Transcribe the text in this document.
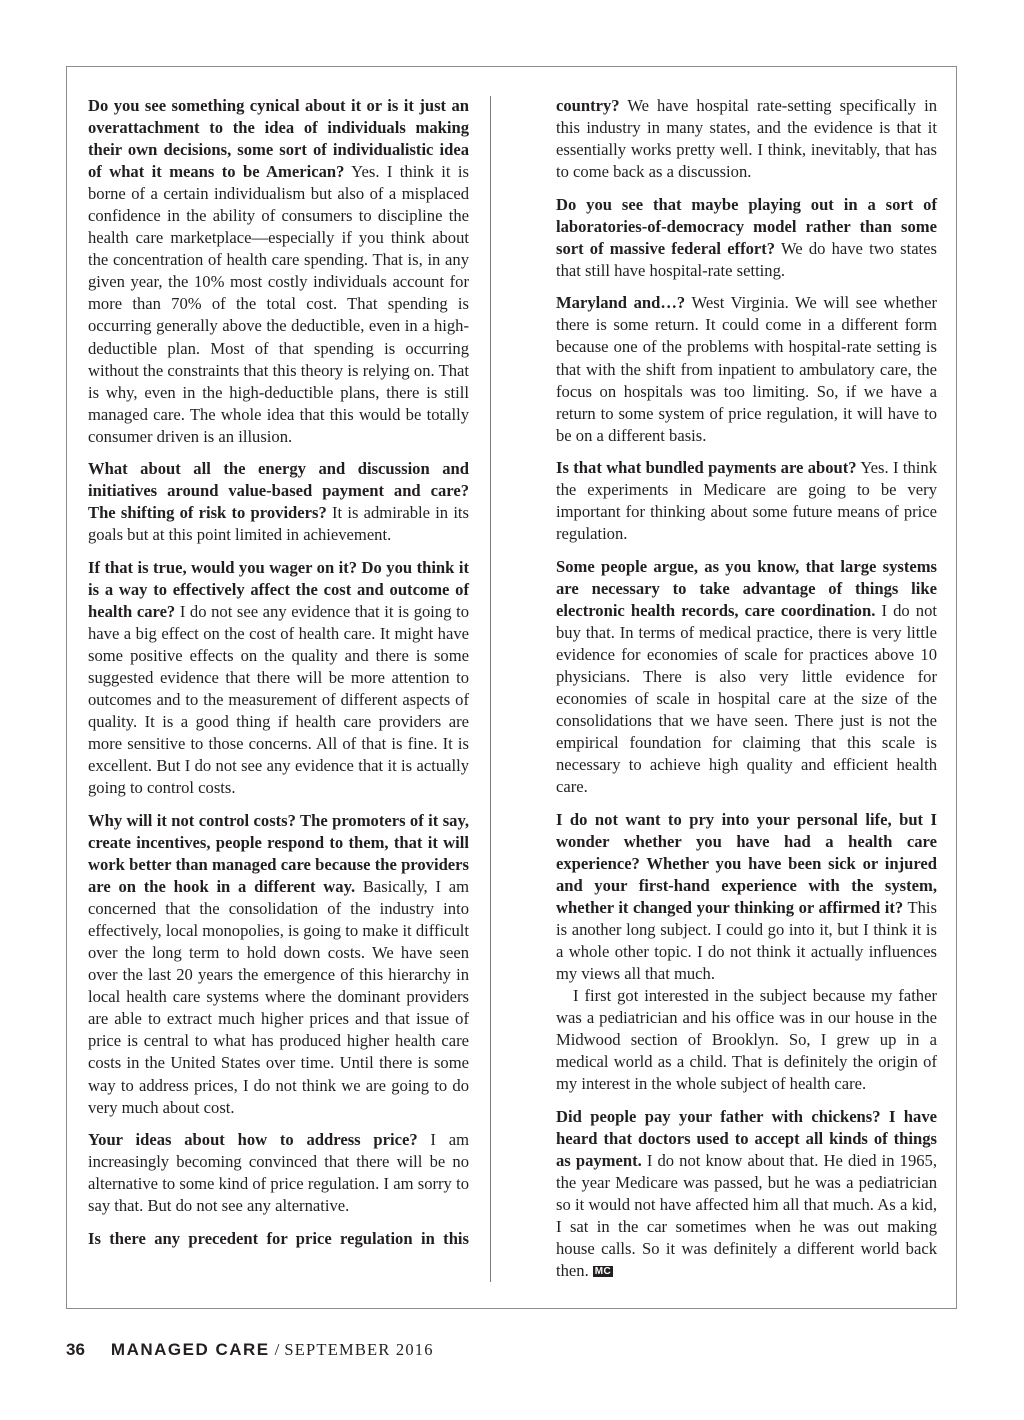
Do you see something cynical about it or is it just an overattachment to the idea of individuals making their own decisions, some sort of individualistic idea of what it means to be American? Yes. I think it is borne of a certain individualism but also of a misplaced confidence in the ability of consumers to discipline the health care marketplace—especially if you think about the concentration of health care spending. That is, in any given year, the 10% most costly individuals account for more than 70% of the total cost. That spending is occurring generally above the deductible, even in a high-deductible plan. Most of that spending is occurring without the constraints that this theory is relying on. That is why, even in the high-deductible plans, there is still managed care. The whole idea that this would be totally consumer driven is an illusion.

What about all the energy and discussion and initiatives around value-based payment and care? The shifting of risk to providers? It is admirable in its goals but at this point limited in achievement.

If that is true, would you wager on it? Do you think it is a way to effectively affect the cost and outcome of health care? I do not see any evidence that it is going to have a big effect on the cost of health care. It might have some positive effects on the quality and there is some suggested evidence that there will be more attention to outcomes and to the measurement of different aspects of quality. It is a good thing if health care providers are more sensitive to those concerns. All of that is fine. It is excellent. But I do not see any evidence that it is actually going to control costs.

Why will it not control costs? The promoters of it say, create incentives, people respond to them, that it will work better than managed care because the providers are on the hook in a different way. Basically, I am concerned that the consolidation of the industry into effectively, local monopolies, is going to make it difficult over the long term to hold down costs. We have seen over the last 20 years the emergence of this hierarchy in local health care systems where the dominant providers are able to extract much higher prices and that issue of price is central to what has produced higher health care costs in the United States over time. Until there is some way to address prices, I do not think we are going to do very much about cost.

Your ideas about how to address price? I am increasingly becoming convinced that there will be no alternative to some kind of price regulation. I am sorry to say that. But do not see any alternative.

Is there any precedent for price regulation in this

country? We have hospital rate-setting specifically in this industry in many states, and the evidence is that it essentially works pretty well. I think, inevitably, that has to come back as a discussion.

Do you see that maybe playing out in a sort of laboratories-of-democracy model rather than some sort of massive federal effort? We do have two states that still have hospital-rate setting.

Maryland and…? West Virginia. We will see whether there is some return. It could come in a different form because one of the problems with hospital-rate setting is that with the shift from inpatient to ambulatory care, the focus on hospitals was too limiting. So, if we have a return to some system of price regulation, it will have to be on a different basis.

Is that what bundled payments are about? Yes. I think the experiments in Medicare are going to be very important for thinking about some future means of price regulation.

Some people argue, as you know, that large systems are necessary to take advantage of things like electronic health records, care coordination. I do not buy that. In terms of medical practice, there is very little evidence for economies of scale for practices above 10 physicians. There is also very little evidence for economies of scale in hospital care at the size of the consolidations that we have seen. There just is not the empirical foundation for claiming that this scale is necessary to achieve high quality and efficient health care.

I do not want to pry into your personal life, but I wonder whether you have had a health care experience? Whether you have been sick or injured and your first-hand experience with the system, whether it changed your thinking or affirmed it? This is another long subject. I could go into it, but I think it is a whole other topic. I do not think it actually influences my views all that much.

I first got interested in the subject because my father was a pediatrician and his office was in our house in the Midwood section of Brooklyn. So, I grew up in a medical world as a child. That is definitely the origin of my interest in the whole subject of health care.

Did people pay your father with chickens? I have heard that doctors used to accept all kinds of things as payment. I do not know about that. He died in 1965, the year Medicare was passed, but he was a pediatrician so it would not have affected him all that much. As a kid, I sat in the car sometimes when he was out making house calls. So it was definitely a different world back then. MC

36 MANAGED CARE / SEPTEMBER 2016
